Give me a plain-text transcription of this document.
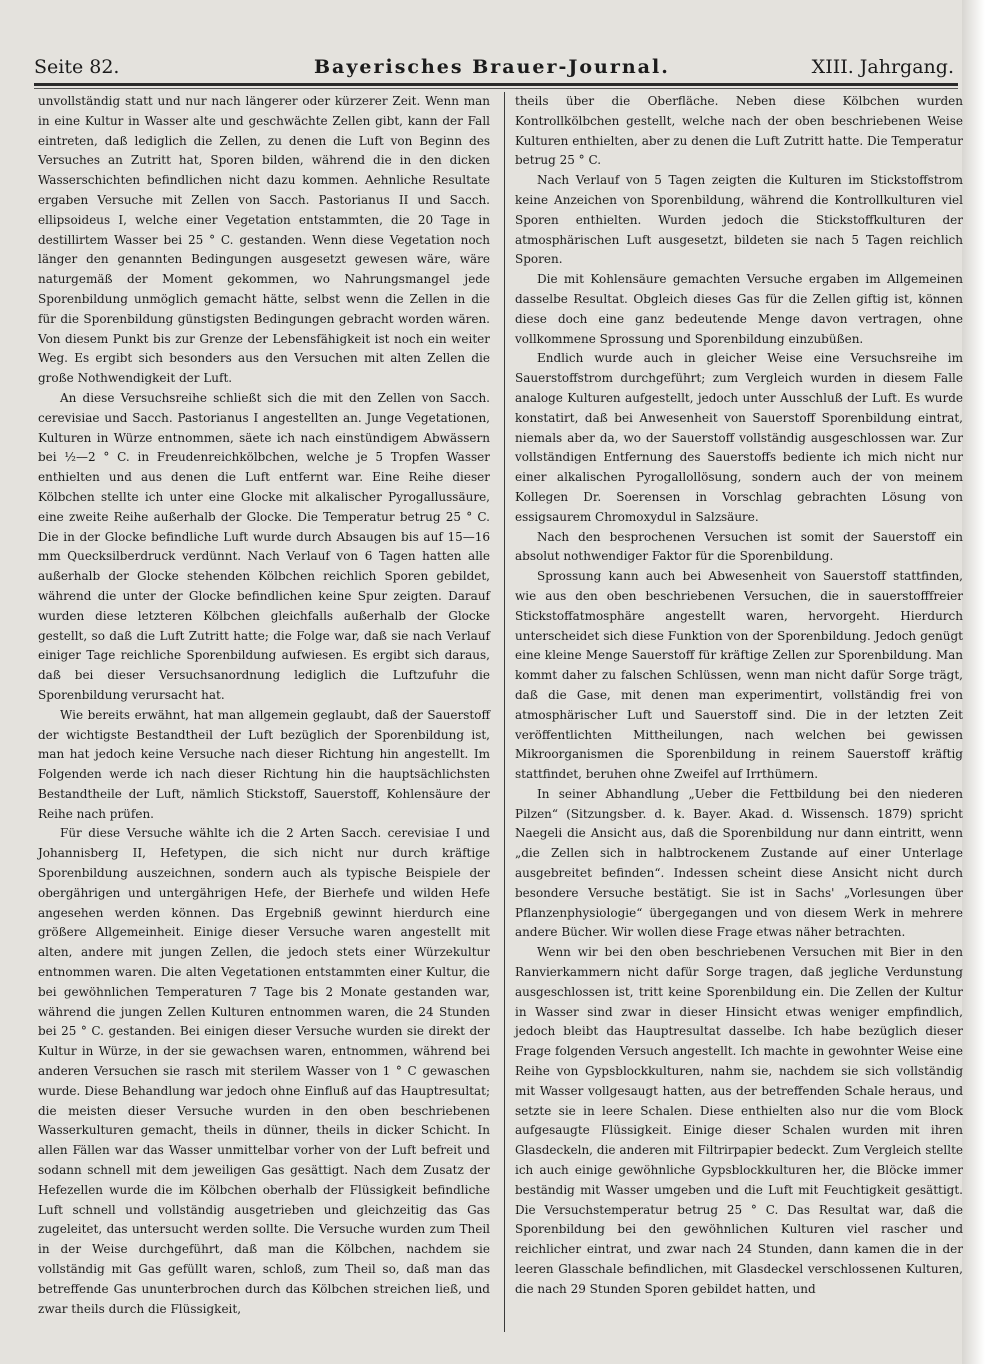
Seite 82.	Bayerisches Brauer-Journal.	XIII. Jahrgang.

unvollständig statt und nur nach längerer oder kürzerer Zeit. Wenn man in eine Kultur in Wasser alte und geschwächte Zellen gibt, kann der Fall eintreten, daß lediglich die Zellen, zu denen die Luft von Beginn des Versuches an Zutritt hat, Sporen bilden, während die in den dicken Wasserschichten befindlichen nicht dazu kommen. Aehnliche Resultate ergaben Versuche mit Zellen von Sacch. Pastorianus II und Sacch. ellipsoideus I, welche einer Vegetation entstammten, die 20 Tage in destillirtem Wasser bei 25 ° C. gestanden. Wenn diese Vegetation noch länger den genannten Bedingungen ausgesetzt gewesen wäre, wäre naturgemäß der Moment gekommen, wo Nahrungsmangel jede Sporenbildung unmöglich gemacht hätte, selbst wenn die Zellen in die für die Sporenbildung günstigsten Bedingungen gebracht worden wären. Von diesem Punkt bis zur Grenze der Lebensfähigkeit ist noch ein weiter Weg. Es ergibt sich besonders aus den Versuchen mit alten Zellen die große Nothwendigkeit der Luft.

An diese Versuchsreihe schließt sich die mit den Zellen von Sacch. cerevisiae und Sacch. Pastorianus I angestellten an. Junge Vegetationen, Kulturen in Würze entnommen, säete ich nach einstündigem Abwässern bei ½—2 ° C. in Freudenreichkölbchen, welche je 5 Tropfen Wasser enthielten und aus denen die Luft entfernt war. Eine Reihe dieser Kölbchen stellte ich unter eine Glocke mit alkalischer Pyrogallussäure, eine zweite Reihe außerhalb der Glocke. Die Temperatur betrug 25 ° C. Die in der Glocke befindliche Luft wurde durch Absaugen bis auf 15—16 mm Quecksilberdruck verdünnt. Nach Verlauf von 6 Tagen hatten alle außerhalb der Glocke stehenden Kölbchen reichlich Sporen gebildet, während die unter der Glocke befindlichen keine Spur zeigten. Darauf wurden diese letzteren Kölbchen gleichfalls außerhalb der Glocke gestellt, so daß die Luft Zutritt hatte; die Folge war, daß sie nach Verlauf einiger Tage reichliche Sporenbildung aufwiesen. Es ergibt sich daraus, daß bei dieser Versuchsanordnung lediglich die Luftzufuhr die Sporenbildung verursacht hat.

Wie bereits erwähnt, hat man allgemein geglaubt, daß der Sauerstoff der wichtigste Bestandtheil der Luft bezüglich der Sporenbildung ist, man hat jedoch keine Versuche nach dieser Richtung hin angestellt. Im Folgenden werde ich nach dieser Richtung hin die hauptsächlichsten Bestandtheile der Luft, nämlich Stickstoff, Sauerstoff, Kohlensäure der Reihe nach prüfen.

Für diese Versuche wählte ich die 2 Arten Sacch. cerevisiae I und Johannisberg II, Hefetypen, die sich nicht nur durch kräftige Sporenbildung auszeichnen, sondern auch als typische Beispiele der obergährigen und untergährigen Hefe, der Bierhefe und wilden Hefe angesehen werden können. Das Ergebniß gewinnt hierdurch eine größere Allgemeinheit. Einige dieser Versuche waren angestellt mit alten, andere mit jungen Zellen, die jedoch stets einer Würzekultur entnommen waren. Die alten Vegetationen entstammten einer Kultur, die bei gewöhnlichen Temperaturen 7 Tage bis 2 Monate gestanden war, während die jungen Zellen Kulturen entnommen waren, die 24 Stunden bei 25 ° C. gestanden. Bei einigen dieser Versuche wurden sie direkt der Kultur in Würze, in der sie gewachsen waren, entnommen, während bei anderen Versuchen sie rasch mit sterilem Wasser von 1 ° C gewaschen wurde. Diese Behandlung war jedoch ohne Einfluß auf das Hauptresultat; die meisten dieser Versuche wurden in den oben beschriebenen Wasserkulturen gemacht, theils in dünner, theils in dicker Schicht. In allen Fällen war das Wasser unmittelbar vorher von der Luft befreit und sodann schnell mit dem jeweiligen Gas gesättigt. Nach dem Zusatz der Hefezellen wurde die im Kölbchen oberhalb der Flüssigkeit befindliche Luft schnell und vollständig ausgetrieben und gleichzeitig das Gas zugeleitet, das untersucht werden sollte. Die Versuche wurden zum Theil in der Weise durchgeführt, daß man die Kölbchen, nachdem sie vollständig mit Gas gefüllt waren, schloß, zum Theil so, daß man das betreffende Gas ununterbrochen durch das Kölbchen streichen ließ, und zwar theils durch die Flüssigkeit,

theils über die Oberfläche. Neben diese Kölbchen wurden Kontrollkölbchen gestellt, welche nach der oben beschriebenen Weise Kulturen enthielten, aber zu denen die Luft Zutritt hatte. Die Temperatur betrug 25 ° C.

Nach Verlauf von 5 Tagen zeigten die Kulturen im Stickstoffstrom keine Anzeichen von Sporenbildung, während die Kontrollkulturen viel Sporen enthielten. Wurden jedoch die Stickstoffkulturen der atmosphärischen Luft ausgesetzt, bildeten sie nach 5 Tagen reichlich Sporen.

Die mit Kohlensäure gemachten Versuche ergaben im Allgemeinen dasselbe Resultat. Obgleich dieses Gas für die Zellen giftig ist, können diese doch eine ganz bedeutende Menge davon vertragen, ohne vollkommene Sprossung und Sporenbildung einzubüßen.

Endlich wurde auch in gleicher Weise eine Versuchsreihe im Sauerstoffstrom durchgeführt; zum Vergleich wurden in diesem Falle analoge Kulturen aufgestellt, jedoch unter Ausschluß der Luft. Es wurde konstatirt, daß bei Anwesenheit von Sauerstoff Sporenbildung eintrat, niemals aber da, wo der Sauerstoff vollständig ausgeschlossen war. Zur vollständigen Entfernung des Sauerstoffs bediente ich mich nicht nur einer alkalischen Pyrogallollösung, sondern auch der von meinem Kollegen Dr. Soerensen in Vorschlag gebrachten Lösung von essigsaurem Chromoxydul in Salzsäure.

Nach den besprochenen Versuchen ist somit der Sauerstoff ein absolut nothwendiger Faktor für die Sporenbildung.

Sprossung kann auch bei Abwesenheit von Sauerstoff stattfinden, wie aus den oben beschriebenen Versuchen, die in sauerstofffreier Stickstoffatmosphäre angestellt waren, hervorgeht. Hierdurch unterscheidet sich diese Funktion von der Sporenbildung. Jedoch genügt eine kleine Menge Sauerstoff für kräftige Zellen zur Sporenbildung. Man kommt daher zu falschen Schlüssen, wenn man nicht dafür Sorge trägt, daß die Gase, mit denen man experimentirt, vollständig frei von atmosphärischer Luft und Sauerstoff sind. Die in der letzten Zeit veröffentlichten Mittheilungen, nach welchen bei gewissen Mikroorganismen die Sporenbildung in reinem Sauerstoff kräftig stattfindet, beruhen ohne Zweifel auf Irrthümern.

In seiner Abhandlung „Ueber die Fettbildung bei den niederen Pilzen“ (Sitzungsber. d. k. Bayer. Akad. d. Wissensch. 1879) spricht Naegeli die Ansicht aus, daß die Sporenbildung nur dann eintritt, wenn „die Zellen sich in halbtrockenem Zustande auf einer Unterlage ausgebreitet befinden“. Indessen scheint diese Ansicht nicht durch besondere Versuche bestätigt. Sie ist in Sachs' „Vorlesungen über Pflanzenphysiologie“ übergegangen und von diesem Werk in mehrere andere Bücher. Wir wollen diese Frage etwas näher betrachten.

Wenn wir bei den oben beschriebenen Versuchen mit Bier in den Ranvierkammern nicht dafür Sorge tragen, daß jegliche Verdunstung ausgeschlossen ist, tritt keine Sporenbildung ein. Die Zellen der Kultur in Wasser sind zwar in dieser Hinsicht etwas weniger empfindlich, jedoch bleibt das Hauptresultat dasselbe. Ich habe bezüglich dieser Frage folgenden Versuch angestellt. Ich machte in gewohnter Weise eine Reihe von Gypsblockkulturen, nahm sie, nachdem sie sich vollständig mit Wasser vollgesaugt hatten, aus der betreffenden Schale heraus, und setzte sie in leere Schalen. Diese enthielten also nur die vom Block aufgesaugte Flüssigkeit. Einige dieser Schalen wurden mit ihren Glasdeckeln, die anderen mit Filtrirpapier bedeckt. Zum Vergleich stellte ich auch einige gewöhnliche Gypsblockkulturen her, die Blöcke immer beständig mit Wasser umgeben und die Luft mit Feuchtigkeit gesättigt. Die Versuchstemperatur betrug 25 ° C. Das Resultat war, daß die Sporenbildung bei den gewöhnlichen Kulturen viel rascher und reichlicher eintrat, und zwar nach 24 Stunden, dann kamen die in der leeren Glasschale befindlichen, mit Glasdeckel verschlossenen Kulturen, die nach 29 Stunden Sporen gebildet hatten, und
